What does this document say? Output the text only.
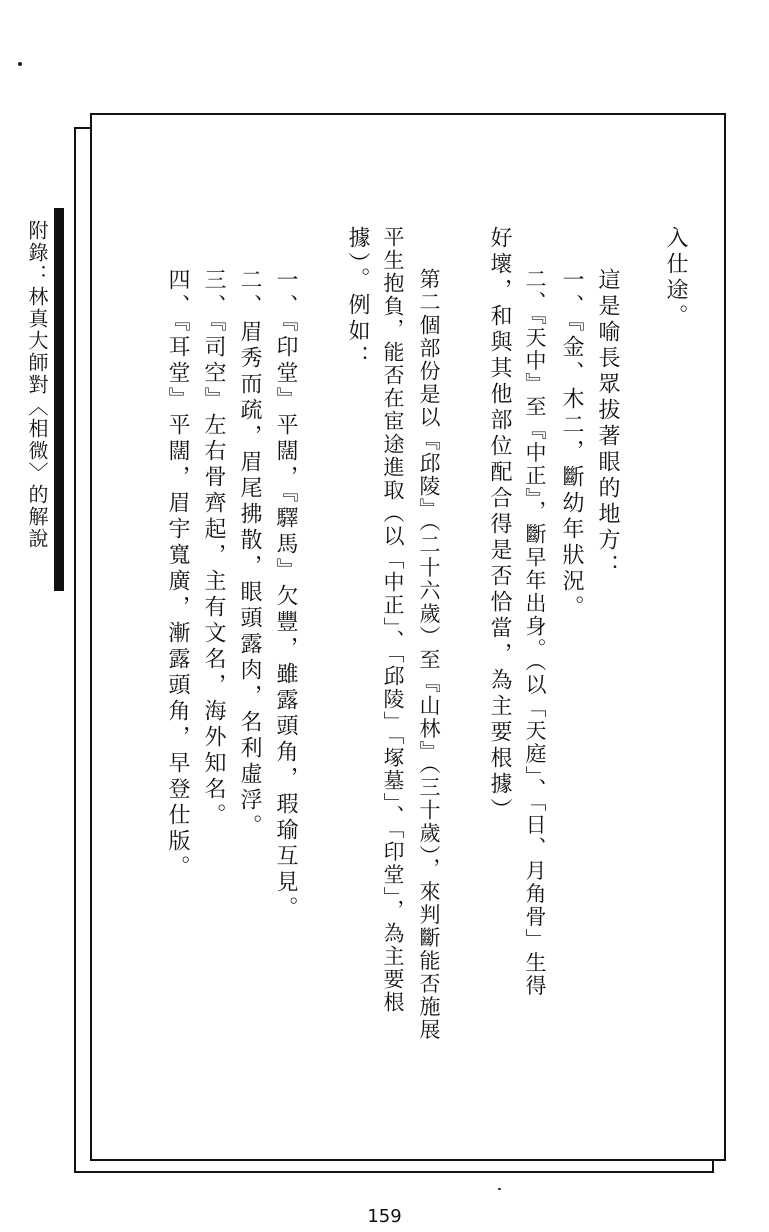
附錄：林真大師對〈相微〉的解說	入仕途。
這是喻長眾拔著眼的地方：
一、『金、木二，斷幼年狀況。
二、『天中』至『中正』，斷早年出身。（以「天庭」、「日、月角骨」生得
好壞，和與其他部位配合得是否恰當，為主要根據）
第二個部份是以『邱陵』（二十六歲）至『山林』（三十歲），來判斷能否施展
平生抱負，能否在宦途進取（以「中正」、「邱陵」「塚墓」、「印堂」，為主要根
據）。例如：
一、『印堂』平闊，『驛馬』欠豐，雖露頭角，瑕瑜互見。
二、眉秀而疏，眉尾拂散，眼頭露肉，名利虛浮。
三、『司空』左右骨齊起，主有文名，海外知名。
四、『耳堂』平闊，眉宇寬廣，漸露頭角，早登仕版。
159
